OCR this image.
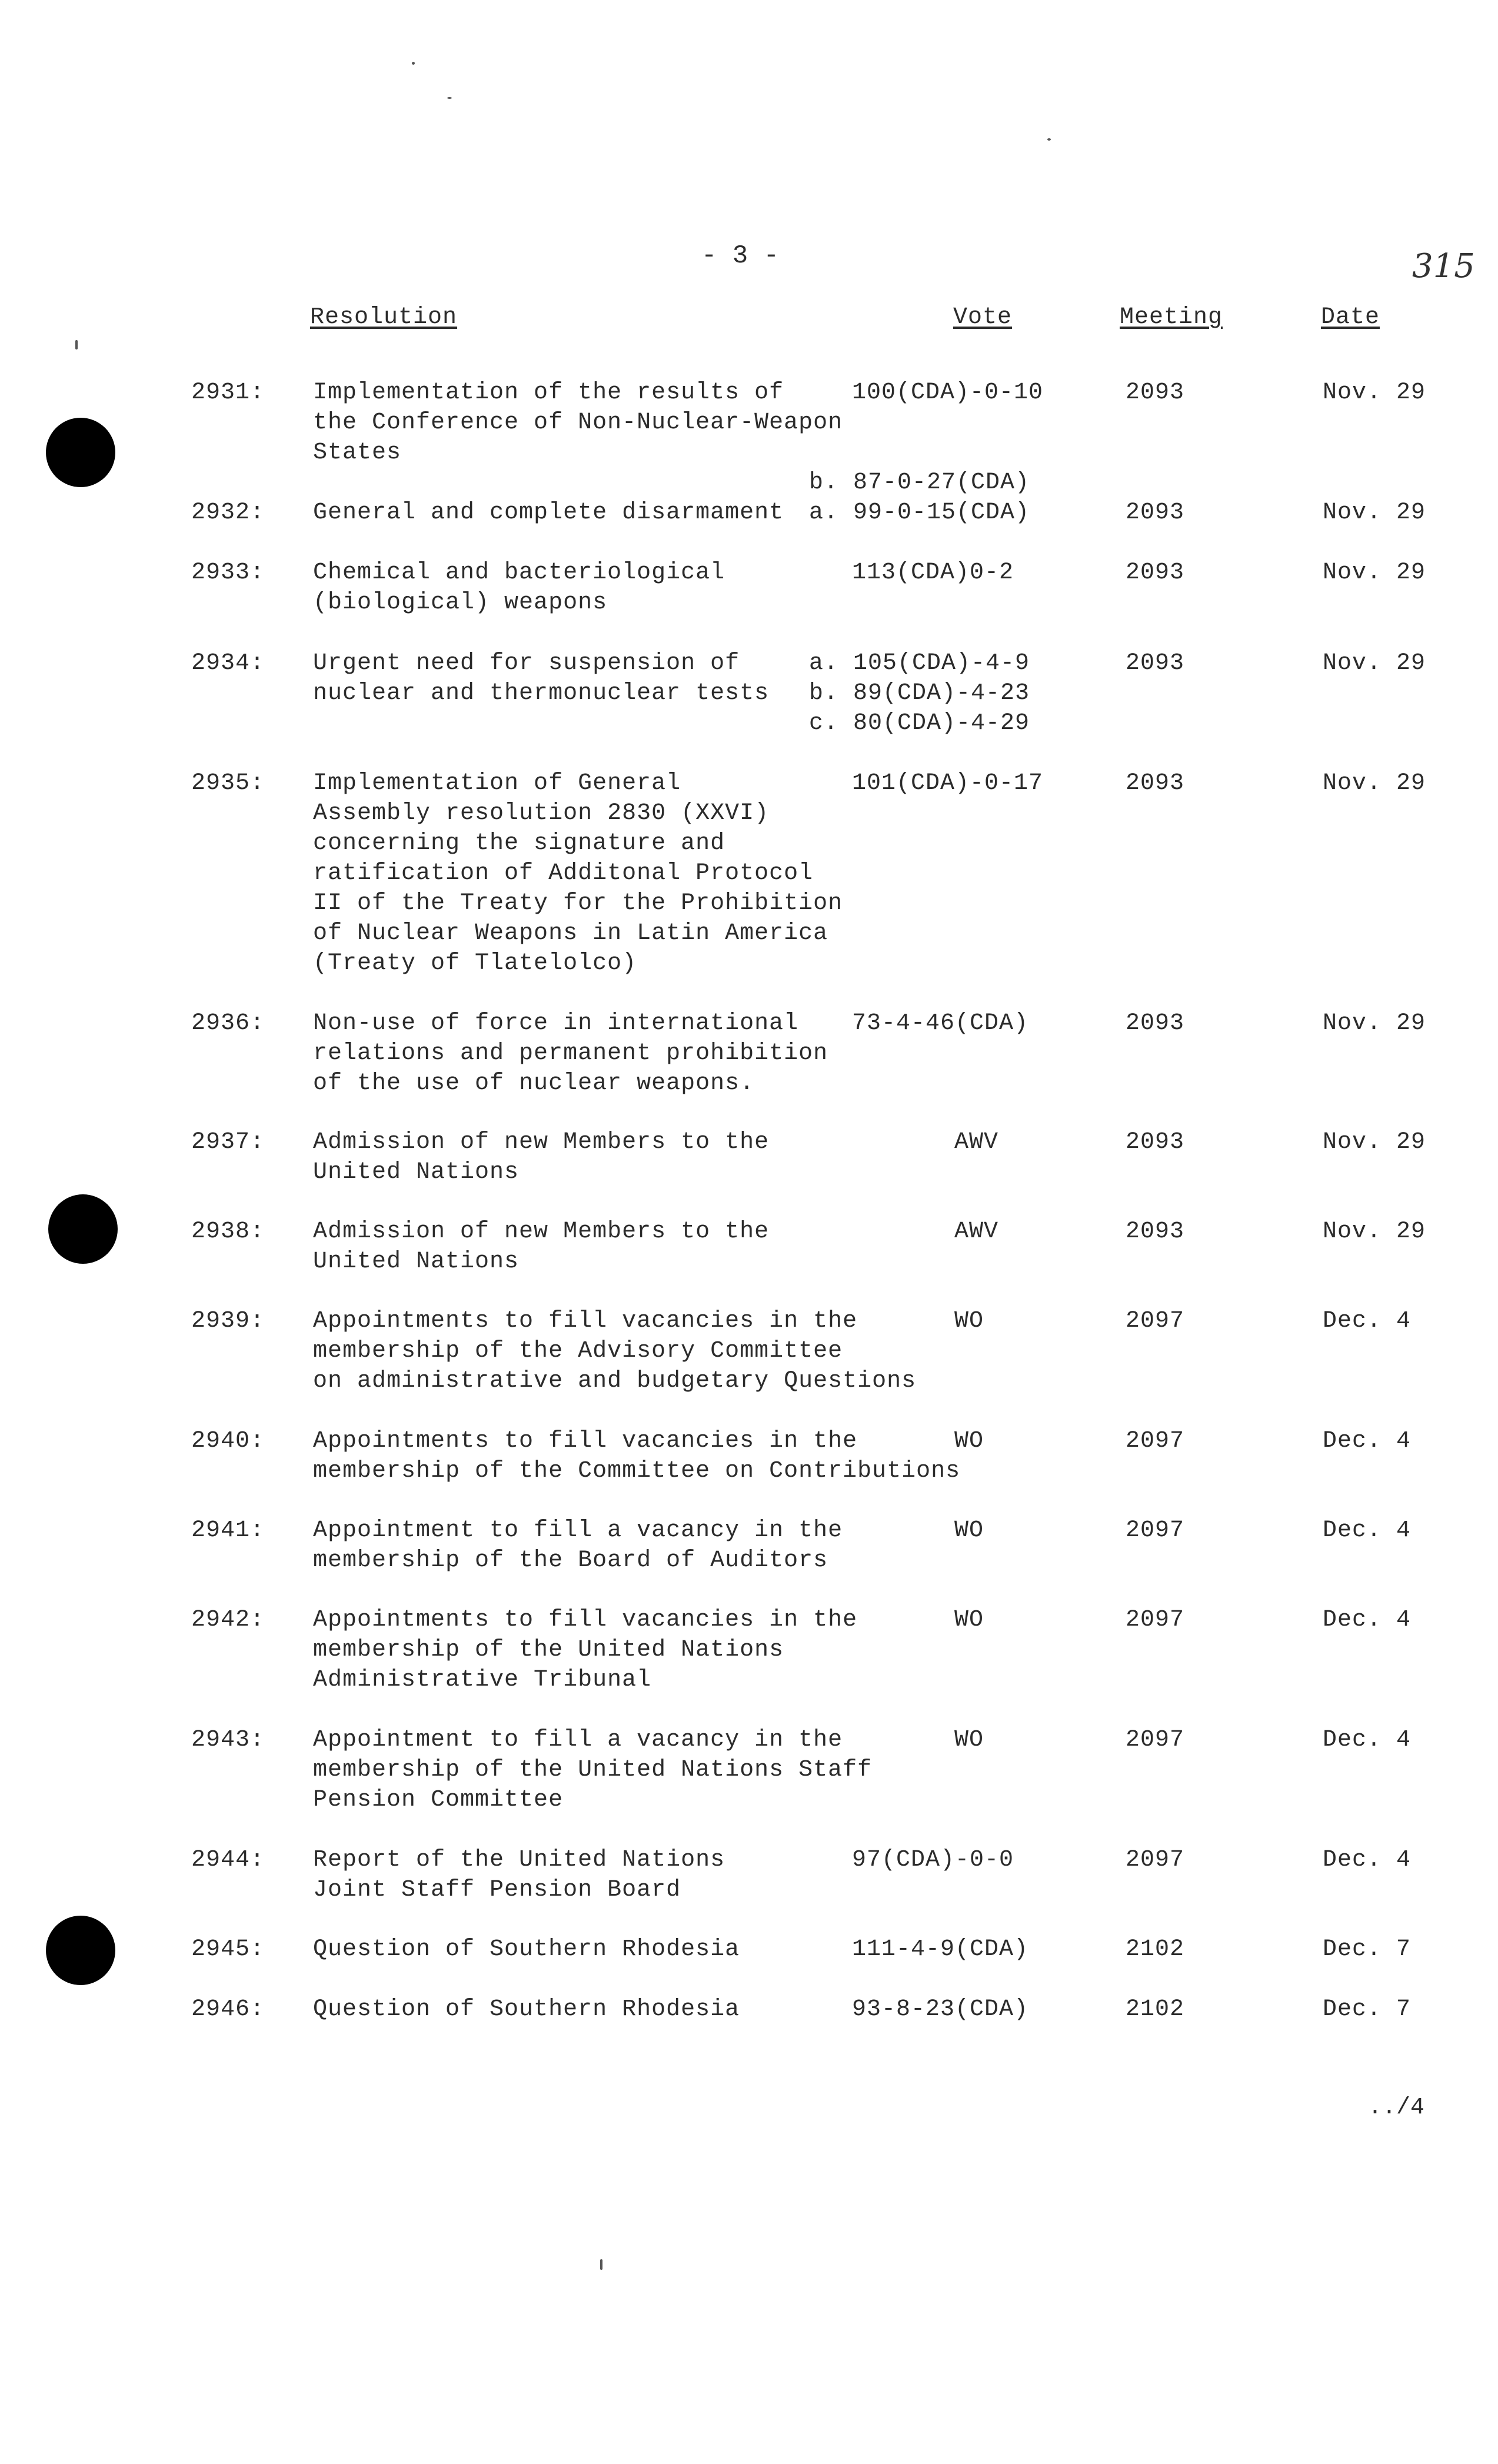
- 3 -	315
Resolution	Vote	Meeting	Date
2931: Implementation of the results of
the Conference of Non-Nuclear-Weapon
States
100(CDA)-0-10	2093	Nov. 29
2932: General and complete disarmament
b. 87-0-27(CDA)
a. 99-0-15(CDA)	2093	Nov. 29
2933: Chemical and bacteriological
(biological) weapons
113(CDA)0-2	2093	Nov. 29
2934: Urgent need for suspension of
nuclear and thermonuclear tests
a. 105(CDA)-4-9
b. 89(CDA)-4-23
c. 80(CDA)-4-29
2093	Nov. 29
2935: Implementation of General
Assembly resolution 2830 (XXVI)
concerning the signature and
ratification of Additonal Protocol
II of the Treaty for the Prohibition
of Nuclear Weapons in Latin America
(Treaty of Tlatelolco)
101(CDA)-0-17	2093	Nov. 29
2936: Non-use of force in international
relations and permanent prohibition
of the use of nuclear weapons.
73-4-46(CDA)	2093	Nov. 29
2937: Admission of new Members to the
United Nations
AWV	2093	Nov. 29
2938: Admission of new Members to the
United Nations
AWV	2093	Nov. 29
2939: Appointments to fill vacancies in the
membership of the Advisory Committee
on administrative and budgetary Questions
WO	2097	Dec. 4
2940: Appointments to fill vacancies in the
membership of the Committee on Contributions
WO	2097	Dec. 4
2941: Appointment to fill a vacancy in the
membership of the Board of Auditors
WO	2097	Dec. 4
2942: Appointments to fill vacancies in the
membership of the United Nations
Administrative Tribunal
WO	2097	Dec. 4
2943: Appointment to fill a vacancy in the
membership of the United Nations Staff
Pension Committee
WO	2097	Dec. 4
2944: Report of the United Nations
Joint Staff Pension Board
97(CDA)-0-0	2097	Dec. 4
2945: Question of Southern Rhodesia	111-4-9(CDA)	2102	Dec. 7
2946: Question of Southern Rhodesia	93-8-23(CDA)	2102	Dec. 7
../4
